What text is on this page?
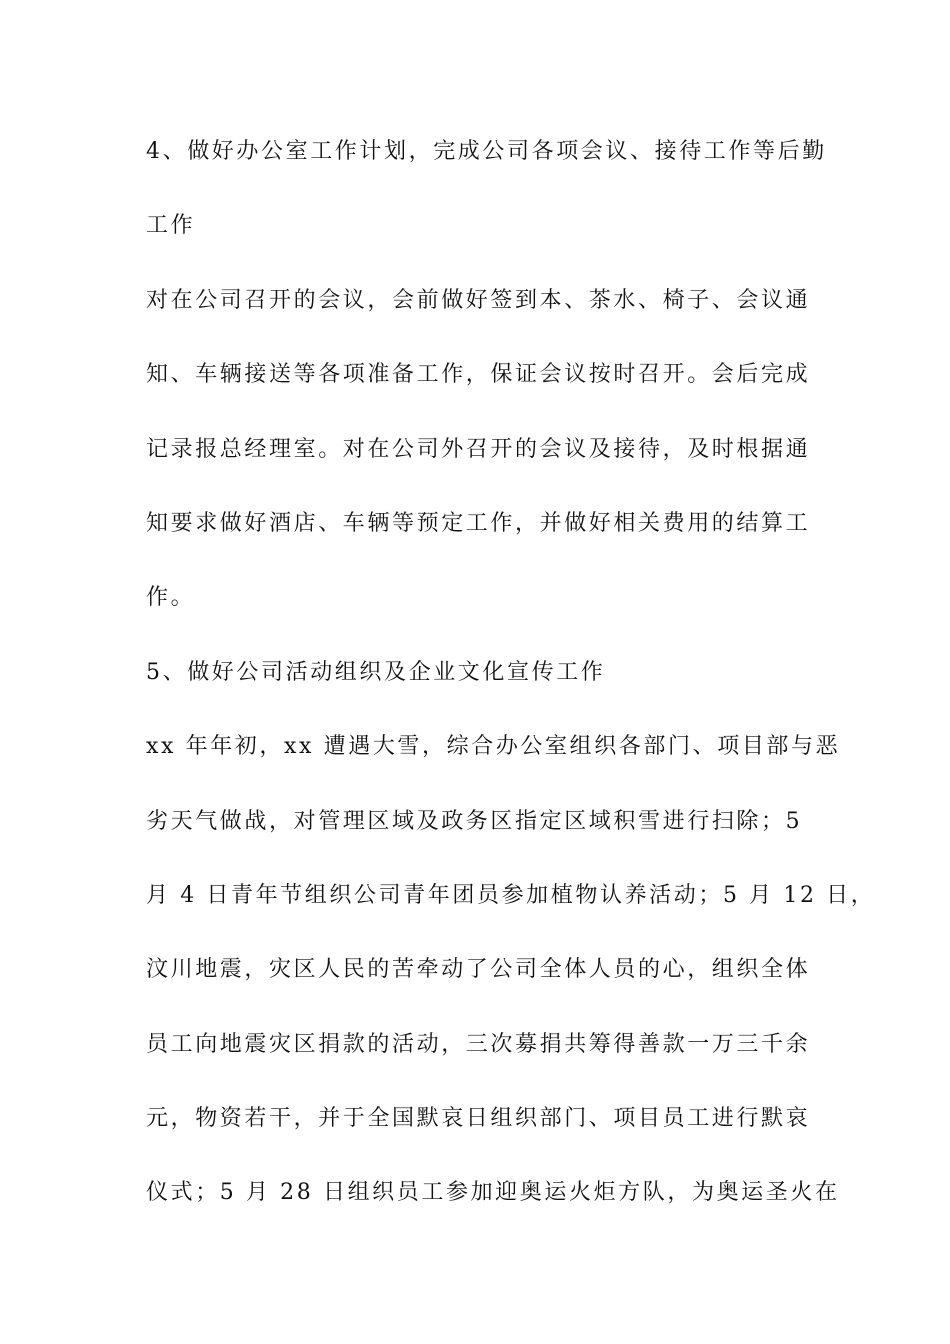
4、做好办公室工作计划，完成公司各项会议、接待工作等后勤
工作
对在公司召开的会议，会前做好签到本、茶水、椅子、会议通
知、车辆接送等各项准备工作，保证会议按时召开。会后完成
记录报总经理室。对在公司外召开的会议及接待，及时根据通
知要求做好酒店、车辆等预定工作，并做好相关费用的结算工
作。
5、做好公司活动组织及企业文化宣传工作
xx 年年初，xx 遭遇大雪，综合办公室组织各部门、项目部与恶
劣天气做战，对管理区域及政务区指定区域积雪进行扫除；5
月 4 日青年节组织公司青年团员参加植物认养活动；5 月 12 日，
汶川地震，灾区人民的苦牵动了公司全体人员的心，组织全体
员工向地震灾区捐款的活动，三次募捐共筹得善款一万三千余
元，物资若干，并于全国默哀日组织部门、项目员工进行默哀
仪式；5 月 28 日组织员工参加迎奥运火炬方队，为奥运圣火在
